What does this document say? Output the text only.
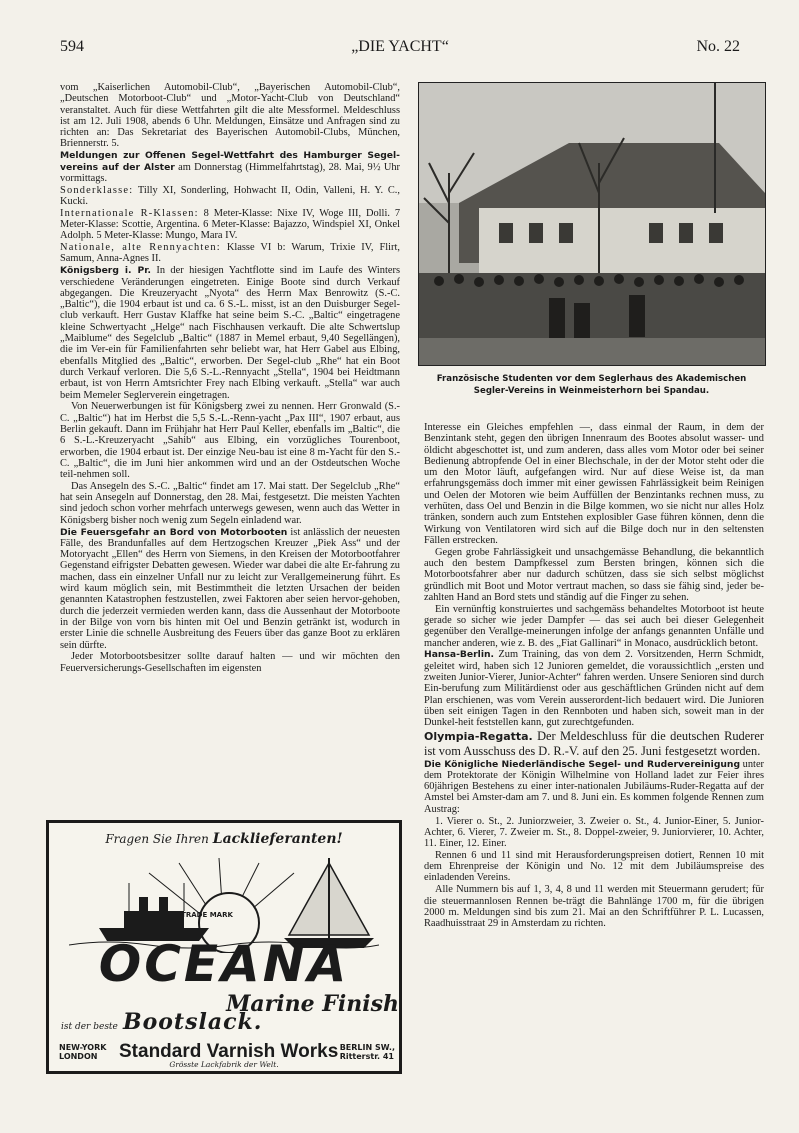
594	„DIE YACHT“	No. 22

vom „Kaiserlichen Automobil-Club“, „Bayerischen Automobil-Club“, „Deutschen Motorboot-Club“ und „Motor-Yacht-Club von Deutschland“ veranstaltet. Auch für diese Wettfahrten gilt die alte Messformel. Meldeschluss ist am 12. Juli 1908, abends 6 Uhr. Meldungen, Einsätze und Anfragen sind zu richten an: Das Sekretariat des Bayerischen Automobil-Clubs, München, Briennerstr. 5.

Meldungen zur Offenen Segel-Wettfahrt des Hamburger Segel-vereins auf der Alster am Donnerstag (Himmelfahrtstag), 28. Mai, 9½ Uhr vormittags.

Sonderklasse: Tilly XI, Sonderling, Hohwacht II, Odin, Valleni, H. Y. C., Kucki.

Internationale R-Klassen: 8 Meter-Klasse: Nixe IV, Woge III, Dolli. 7 Meter-Klasse: Scottie, Argentina. 6 Meter-Klasse: Bajazzo, Windspiel XI, Onkel Adolph. 5 Meter-Klasse: Mungo, Mara IV.

Nationale, alte Rennyachten: Klasse VI b: Warum, Trixie IV, Flirt, Samum, Anna-Agnes II.

Königsberg i. Pr. In der hiesigen Yachtflotte sind im Laufe des Winters verschiedene Veränderungen eingetreten. Einige Boote sind durch Verkauf abgegangen. Die Kreuzeryacht „Nyota“ des Herrn Max Benrowitz (S.-C. „Baltic“), die 1904 erbaut ist und ca. 6 S.-L. misst, ist an den Duisburger Segel-club verkauft. Herr Gustav Klaffke hat seine beim S.-C. „Baltic“ eingetragene kleine Schwertyacht „Helge“ nach Fischhausen verkauft. Die alte Schwertslup „Maiblume“ des Segelclub „Baltic“ (1887 in Memel erbaut, 9,40 Segellängen), die im Ver-ein für Familienfahrten sehr beliebt war, hat Herr Gabel aus Elbing, ebenfalls Mitglied des „Baltic“, erworben. Der Segel-club „Rhe“ hat ein Boot durch Verkauf verloren. Die 5,6 S.-L.-Rennyacht „Stella“, 1904 bei Heidtmann erbaut, ist von Herrn Amtsrichter Frey nach Elbing verkauft. „Stella“ war auch beim Memeler Seglerverein eingetragen.

Von Neuerwerbungen ist für Königsberg zwei zu nennen. Herr Gronwald (S.-C. „Baltic“) hat im Herbst die 5,5 S.-L.-Renn-yacht „Pax III“, 1907 erbaut, aus Berlin gekauft. Dann im Frühjahr hat Herr Paul Keller, ebenfalls im „Baltic“, die 6 S.-L.-Kreuzeryacht „Sahib“ aus Elbing, ein vorzügliches Tourenboot, erworben, die 1904 erbaut ist. Der einzige Neu-bau ist eine 8 m-Yacht für den S.-C. „Baltic“, die im Juni hier ankommen wird und an der Ostdeutschen Woche teil-nehmen soll.

Das Ansegeln des S.-C. „Baltic“ findet am 17. Mai statt. Der Segelclub „Rhe“ hat sein Ansegeln auf Donnerstag, den 28. Mai, festgesetzt. Die meisten Yachten sind jedoch schon vorher mehrfach unterwegs gewesen, wenn auch das Wetter in Königsberg bisher noch wenig zum Segeln einladend war.

Die Feuersgefahr an Bord von Motorbooten ist anlässlich der neuesten Fälle, des Brandunfalles auf dem Hertzogschen Kreuzer „Piek Ass“ und der Motoryacht „Ellen“ des Herrn von Siemens, in den Kreisen der Motorbootfahrer Gegenstand eifrigster Debatten gewesen. Wieder war dabei die alte Er-fahrung zu machen, dass ein einzelner Unfall nur zu leicht zur Verallgemeinerung führt. Es wird kaum möglich sein, mit Bestimmtheit die letzten Ursachen der beiden genannten Katastrophen festzustellen, zwei Faktoren aber seien hervor-gehoben, durch die jederzeit vermieden werden kann, dass die Aussenhaut der Motorboote in der Bilge von vorn bis hinten mit Oel und Benzin getränkt ist, wodurch in erster Linie die schnelle Ausbreitung des Feuers über das ganze Boot zu erklären sein dürfte.

Jeder Motorbootsbesitzer sollte darauf halten — und wir möchten den Feuerversicherungs-Gesellschaften im eigensten

Französische Studenten vor dem Seglerhaus des Akademischen Segler-Vereins in Weinmeisterhorn bei Spandau.

Interesse ein Gleiches empfehlen —, dass einmal der Raum, in dem der Benzintank steht, gegen den übrigen Innenraum des Bootes absolut wasser- und öldicht abgeschottet ist, und zum anderen, dass alles vom Motor oder bei seiner Bedienung abtropfende Oel in einer Blechschale, in der der Motor steht oder die um den Motor läuft, aufgefangen wird. Nur auf diese Weise ist, da man erfahrungsgemäss doch immer mit einer gewissen Fahrlässigkeit beim Reinigen und Oelen der Motoren wie beim Auffüllen der Benzintanks rechnen muss, zu verhüten, dass Oel und Benzin in die Bilge kommen, wo sie nicht nur alles Holz tränken, sondern auch zum Entstehen explosibler Gase führen können, denn die Wirkung von Ventilatoren wird sich auf die Bilge doch nur in den seltensten Fällen erstrecken.

Gegen grobe Fahrlässigkeit und unsachgemässe Behandlung, die bekanntlich auch den bestem Dampfkessel zum Bersten bringen, können sich die Motorbootsfahrer aber nur dadurch schützen, dass sie sich selbst möglichst gründlich mit Boot und Motor vertraut machen, so dass sie fähig sind, jeder be-zahlten Hand an Bord stets und ständig auf die Finger zu sehen.

Ein vernünftig konstruiertes und sachgemäss behandeltes Motorboot ist heute gerade so sicher wie jeder Dampfer — das sei auch bei dieser Gelegenheit gegenüber den Verallge-meinerungen infolge der anfangs genannten Unfälle und mancher anderen, wie z. B. des „Fiat Gallinari“ in Monaco, ausdrücklich betont.

Hansa-Berlin. Zum Training, das von dem 2. Vorsitzenden, Herrn Schmidt, geleitet wird, haben sich 12 Junioren gemeldet, die voraussichtlich „ersten und zweiten Junior-Vierer, Junior-Achter“ fahren werden. Unsere Senioren sind durch Ein-berufung zum Militärdienst oder aus geschäftlichen Gründen nicht auf dem Plan erschienen, was vom Verein ausserordent-lich bedauert wird. Die Junioren üben seit einigen Tagen in den Rennboten und haben sich, soweit man in der Dunkel-heit feststellen kann, gut zurechtgefunden.

Olympia-Regatta. Der Meldeschluss für die deutschen Ruderer ist vom Ausschuss des D. R.-V. auf den 25. Juni festgesetzt worden.

Die Königliche Niederländische Segel- und Rudervereinigung unter dem Protektorate der Königin Wilhelmine von Holland ladet zur Feier ihres 60jährigen Bestehens zu einer inter-nationalen Jubiläums-Ruder-Regatta auf der Amstel bei Amster-dam am 7. und 8. Juni ein. Es kommen folgende Rennen zum Austrag:

1. Vierer o. St., 2. Juniorzweier, 3. Zweier o. St., 4. Junior-Einer, 5. Junior-Achter, 6. Vierer, 7. Zweier m. St., 8. Doppel-zweier, 9. Juniorvierer, 10. Achter, 11. Einer, 12. Einer.

Rennen 6 und 11 sind mit Herausforderungspreisen dotiert, Rennen 10 mit dem Ehrenpreise der Königin und No. 12 mit dem Jubiläumspreise des einladenden Vereins.

Alle Nummern bis auf 1, 3, 4, 8 und 11 werden mit Steuermann gerudert; für die steuermannlosen Rennen be-trägt die Bahnlänge 1700 m, für die übrigen 2000 m. Meldungen sind bis zum 21. Mai an den Schriftführer P. L. Lucassen, Raadhuisstraat 29 in Amsterdam zu richten.

Fragen Sie Ihren Lacklieferanten!
TRADE MARK
OCEANA
Marine Finish
ist der beste Bootslack.
NEW-YORK
LONDON	Standard Varnish Works BERLIN SW.,
Ritterstr. 41
Grösste Lackfabrik der Welt.
